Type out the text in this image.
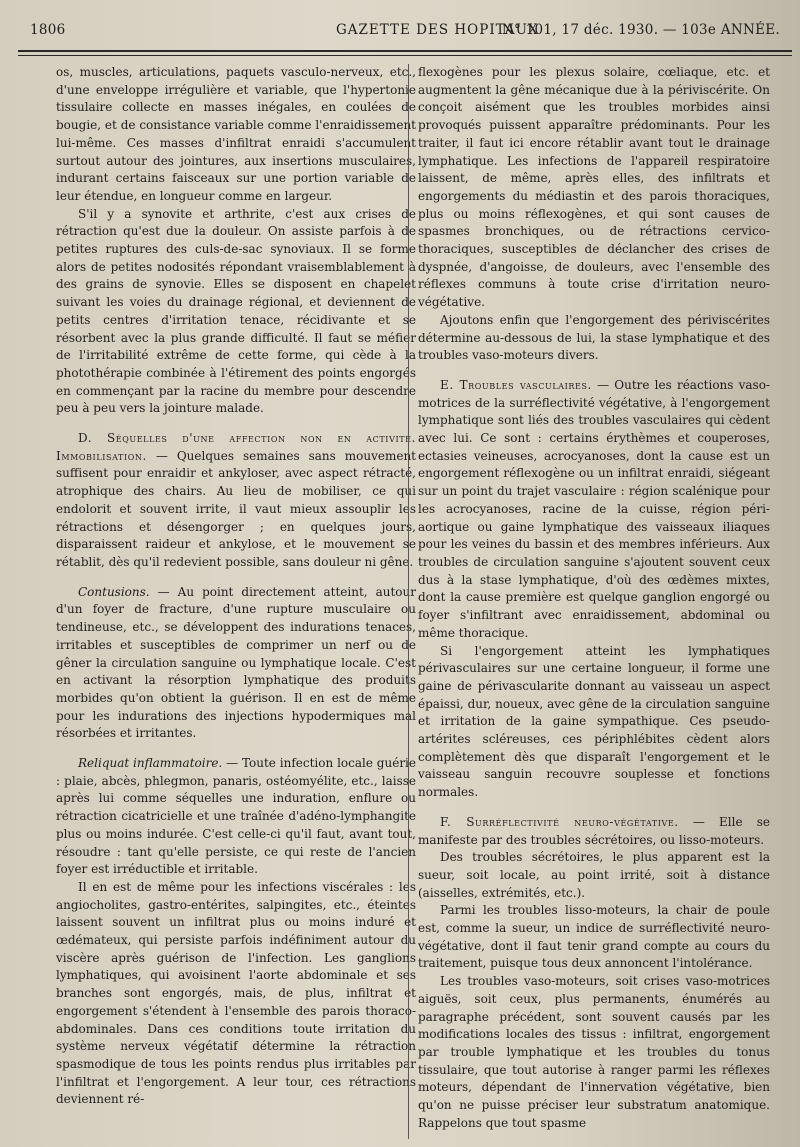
1806	GAZETTE DES HOPITAUX
N° 101, 17 déc. 1930. — 103e ANNÉE.

os, muscles, articulations, paquets vasculo-nerveux, etc., d'une enveloppe irrégulière et variable, que l'hypertonie tissulaire collecte en masses inégales, en coulées de bougie, et de consistance variable comme l'enraidissement lui-même. Ces masses d'infiltrat enraidi s'accumulent surtout autour des jointures, aux insertions musculaires, indurant certains faisceaux sur une portion variable de leur étendue, en longueur comme en largeur.

S'il y a synovite et arthrite, c'est aux crises de rétraction qu'est due la douleur. On assiste parfois à de petites ruptures des culs-de-sac synoviaux. Il se forme alors de petites nodosités répondant vraisemblablement à des grains de synovie. Elles se disposent en chapelet suivant les voies du drainage régional, et deviennent de petits centres d'irritation tenace, récidivante et se résorbent avec la plus grande difficulté. Il faut se méfier de l'irritabilité extrême de cette forme, qui cède à la photothérapie combinée à l'étirement des points engorgés en commençant par la racine du membre pour descendre peu à peu vers la jointure malade.

D. Séquelles d'une affection non en activité. Immobilisation. — Quelques semaines sans mouvement suffisent pour enraidir et ankyloser, avec aspect rétracté, atrophique des chairs. Au lieu de mobiliser, ce qui endolorit et souvent irrite, il vaut mieux assouplir les rétractions et désengorger ; en quelques jours, disparaissent raideur et ankylose, et le mouvement se rétablit, dès qu'il redevient possible, sans douleur ni gêne.

Contusions. — Au point directement atteint, autour d'un foyer de fracture, d'une rupture musculaire ou tendineuse, etc., se développent des indurations tenaces, irritables et susceptibles de comprimer un nerf ou de gêner la circulation sanguine ou lymphatique locale. C'est en activant la résorption lymphatique des produits morbides qu'on obtient la guérison. Il en est de même pour les indurations des injections hypodermiques mal résorbées et irritantes.

Reliquat inflammatoire. — Toute infection locale guérie : plaie, abcès, phlegmon, panaris, ostéomyélite, etc., laisse après lui comme séquelles une induration, enflure ou rétraction cicatricielle et une traînée d'adéno-lymphangite plus ou moins indurée. C'est celle-ci qu'il faut, avant tout, résoudre : tant qu'elle persiste, ce qui reste de l'ancien foyer est irréductible et irritable.

Il en est de même pour les infections viscérales : les angiocholites, gastro-entérites, salpingites, etc., éteintes laissent souvent un infiltrat plus ou moins induré et œdémateux, qui persiste parfois indéfiniment autour du viscère après guérison de l'infection. Les ganglions lymphatiques, qui avoisinent l'aorte abdominale et ses branches sont engorgés, mais, de plus, infiltrat et engorgement s'étendent à l'ensemble des parois thoraco-abdominales. Dans ces conditions toute irritation du système nerveux végétatif détermine la rétraction spasmodique de tous les points rendus plus irritables par l'infiltrat et l'engorgement. A leur tour, ces rétractions deviennent ré-

flexogènes pour les plexus solaire, cœliaque, etc. et augmentent la gêne mécanique due à la périviscérite. On conçoit aisément que les troubles morbides ainsi provoqués puissent apparaître prédominants. Pour les traiter, il faut ici encore rétablir avant tout le drainage lymphatique. Les infections de l'appareil respiratoire laissent, de même, après elles, des infiltrats et engorgements du médiastin et des parois thoraciques, plus ou moins réflexogènes, et qui sont causes de spasmes bronchiques, ou de rétractions cervico-thoraciques, susceptibles de déclancher des crises de dyspnée, d'angoisse, de douleurs, avec l'ensemble des réflexes communs à toute crise d'irritation neuro-végétative.

Ajoutons enfin que l'engorgement des périviscérites détermine au-dessous de lui, la stase lymphatique et des troubles vaso-moteurs divers.

E. Troubles vasculaires. — Outre les réactions vaso-motrices de la surréflectivité végétative, à l'engorgement lymphatique sont liés des troubles vasculaires qui cèdent avec lui. Ce sont : certains érythèmes et couperoses, ectasies veineuses, acrocyanoses, dont la cause est un engorgement réflexogène ou un infiltrat enraidi, siégeant sur un point du trajet vasculaire : région scalénique pour les acrocyanoses, racine de la cuisse, région péri-aortique ou gaine lymphatique des vaisseaux iliaques pour les veines du bassin et des membres inférieurs. Aux troubles de circulation sanguine s'ajoutent souvent ceux dus à la stase lymphatique, d'où des œdèmes mixtes, dont la cause première est quelque ganglion engorgé ou foyer s'infiltrant avec enraidissement, abdominal ou même thoracique.

Si l'engorgement atteint les lymphatiques périvasculaires sur une certaine longueur, il forme une gaine de périvascularite donnant au vaisseau un aspect épaissi, dur, noueux, avec gêne de la circulation sanguine et irritation de la gaine sympathique. Ces pseudo-artérites scléreuses, ces périphlébites cèdent alors complètement dès que disparaît l'engorgement et le vaisseau sanguin recouvre souplesse et fonctions normales.

F. Surréflectivité neuro-végétative. — Elle se manifeste par des troubles sécrétoires, ou lisso-moteurs.

Des troubles sécrétoires, le plus apparent est la sueur, soit locale, au point irrité, soit à distance (aisselles, extrémités, etc.).

Parmi les troubles lisso-moteurs, la chair de poule est, comme la sueur, un indice de surréflectivité neuro-végétative, dont il faut tenir grand compte au cours du traitement, puisque tous deux annoncent l'intolérance.

Les troubles vaso-moteurs, soit crises vaso-motrices aiguës, soit ceux, plus permanents, énumérés au paragraphe précédent, sont souvent causés par les modifications locales des tissus : infiltrat, engorgement par trouble lymphatique et les troubles du tonus tissulaire, que tout autorise à ranger parmi les réflexes moteurs, dépendant de l'innervation végétative, bien qu'on ne puisse préciser leur substratum anatomique. Rappelons que tout spasme
